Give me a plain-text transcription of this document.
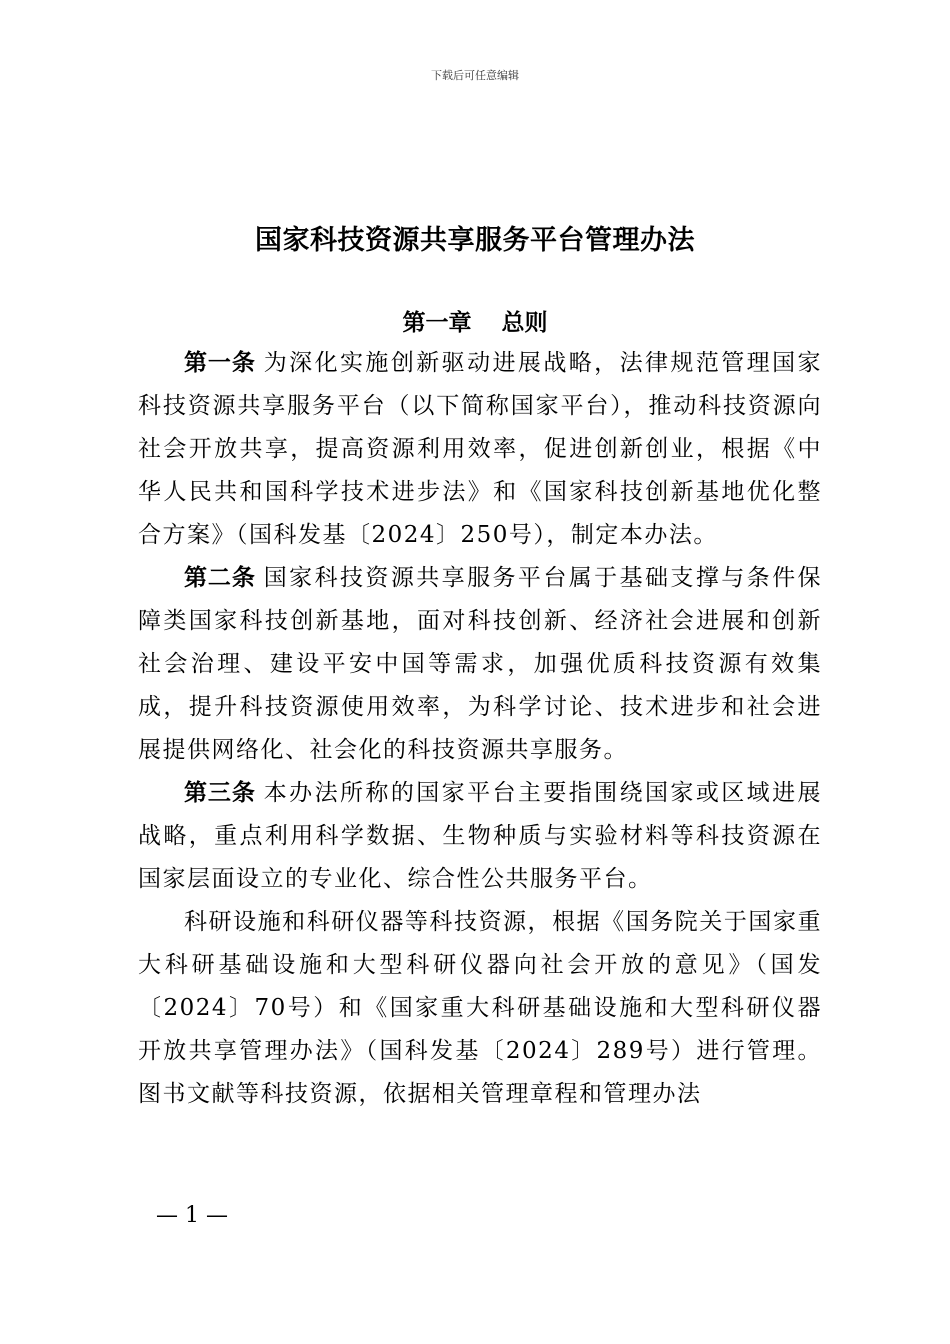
下载后可任意编辑
国家科技资源共享服务平台管理办法
第一章 总则

第一条 为深化实施创新驱动进展战略，法律规范管理国家科技资源共享服务平台（以下简称国家平台），推动科技资源向社会开放共享，提高资源利用效率，促进创新创业，根据《中华人民共和国科学技术进步法》和《国家科技创新基地优化整合方案》（国科发基〔2024〕250号），制定本办法。

第二条 国家科技资源共享服务平台属于基础支撑与条件保障类国家科技创新基地，面对科技创新、经济社会进展和创新社会治理、建设平安中国等需求，加强优质科技资源有效集成，提升科技资源使用效率，为科学讨论、技术进步和社会进展提供网络化、社会化的科技资源共享服务。

第三条 本办法所称的国家平台主要指围绕国家或区域进展战略，重点利用科学数据、生物种质与实验材料等科技资源在国家层面设立的专业化、综合性公共服务平台。

科研设施和科研仪器等科技资源，根据《国务院关于国家重大科研基础设施和大型科研仪器向社会开放的意见》（国发〔2024〕70号）和《国家重大科研基础设施和大型科研仪器开放共享管理办法》（国科发基〔2024〕289号）进行管理。图书文献等科技资源，依据相关管理章程和管理办法

— 1 —
